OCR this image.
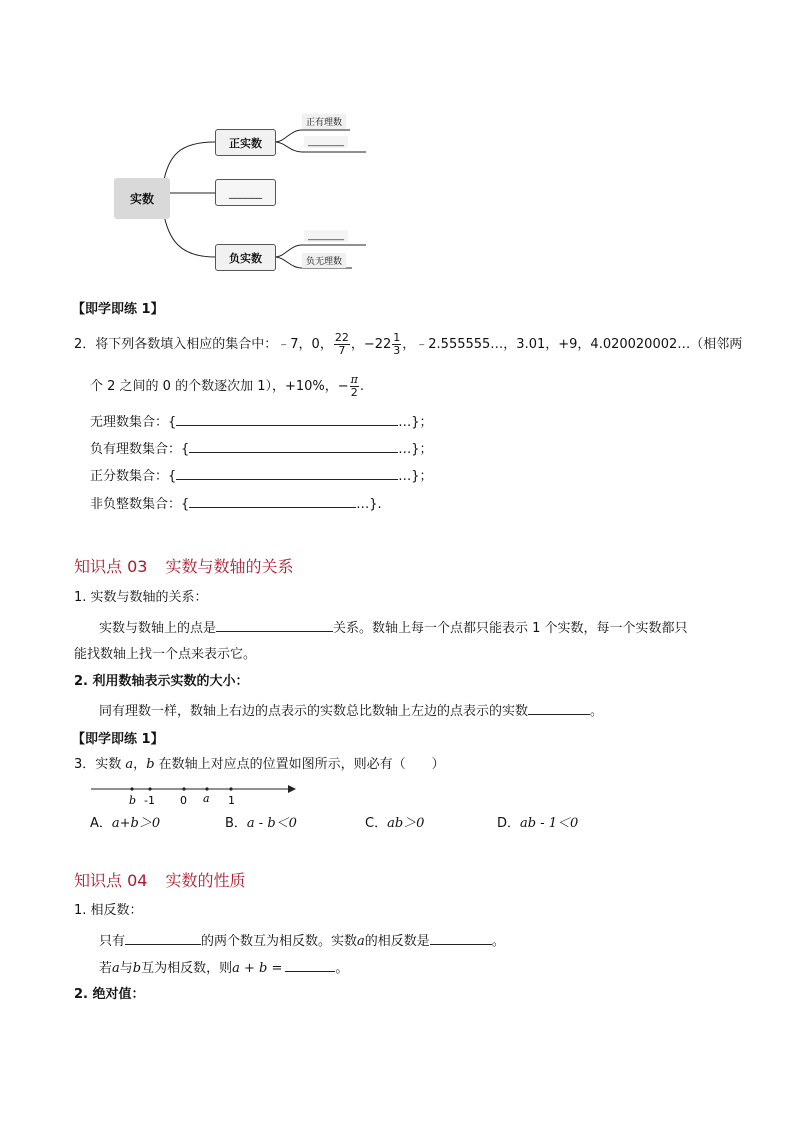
实数
正实数
______
负实数
正有理数
________
________
负无理数
【即学即练 1】
2．将下列各数填入相应的集合中：﹣7，0， $\frac{22}{7}$ ，$-22 \frac{1}{3}$ ，﹣2.555555…，3.01，+9，4.020020002…（相邻两
个 2 之间的 0 的个数逐次加 1），+10%，− $\frac{\pi}{2}$ .
无理数集合：{	…}；
负有理数集合：{	…}；
正分数集合：{	…}；
非负整数集合：{	…}.
知识点 03 实数与数轴的关系
1. 实数与数轴的关系：
实数与数轴上的点是	关系。数轴上每一个点都只能表示 1 个实数，每一个实数都只
能找数轴上找一个点来表示它。
2. 利用数轴表示实数的大小：
同有理数一样，数轴上右边的点表示的实数总比数轴上左边的点表示的实数	。
【即学即练 1】
3．实数 a，b 在数轴上对应点的位置如图所示，则必有（　　）
b -1 0 a 1
A．a+b＞0	B．a - b＜0	C．ab＞0	D．ab - 1＜0
知识点 04 实数的性质
1. 相反数：
只有	的两个数互为相反数。实数a的相反数是	。
若a与b互为相反数，则a + b =	。
2. 绝对值：
